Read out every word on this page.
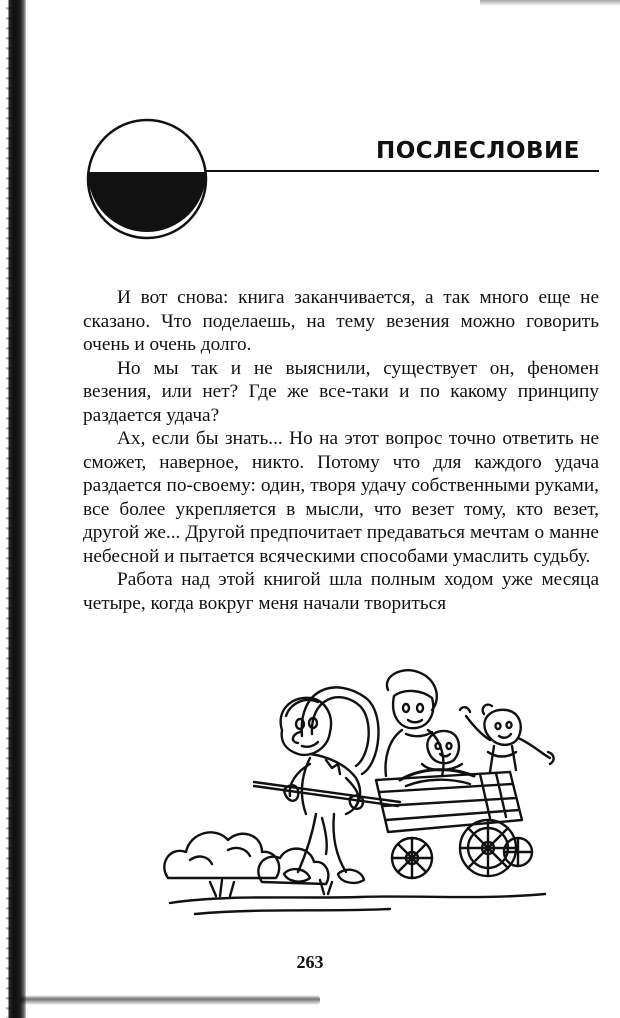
ПОСЛЕСЛОВИЕ

И вот снова: книга заканчивается, а так много еще не сказано. Что поделаешь, на тему везения можно говорить очень и очень долго.

Но мы так и не выяснили, существует он, феномен везения, или нет? Где же все-таки и по какому принципу раздается удача?

Ах, если бы знать... Но на этот вопрос точно ответить не сможет, наверное, никто. Потому что для каждого удача раздается по-своему: один, творя удачу собственными руками, все более укрепляется в мысли, что везет тому, кто везет, другой же... Другой предпочитает предаваться мечтам о манне небесной и пытается всяческими способами умаслить судьбу.

Работа над этой книгой шла полным ходом уже месяца четыре, когда вокруг меня начали твориться

263
